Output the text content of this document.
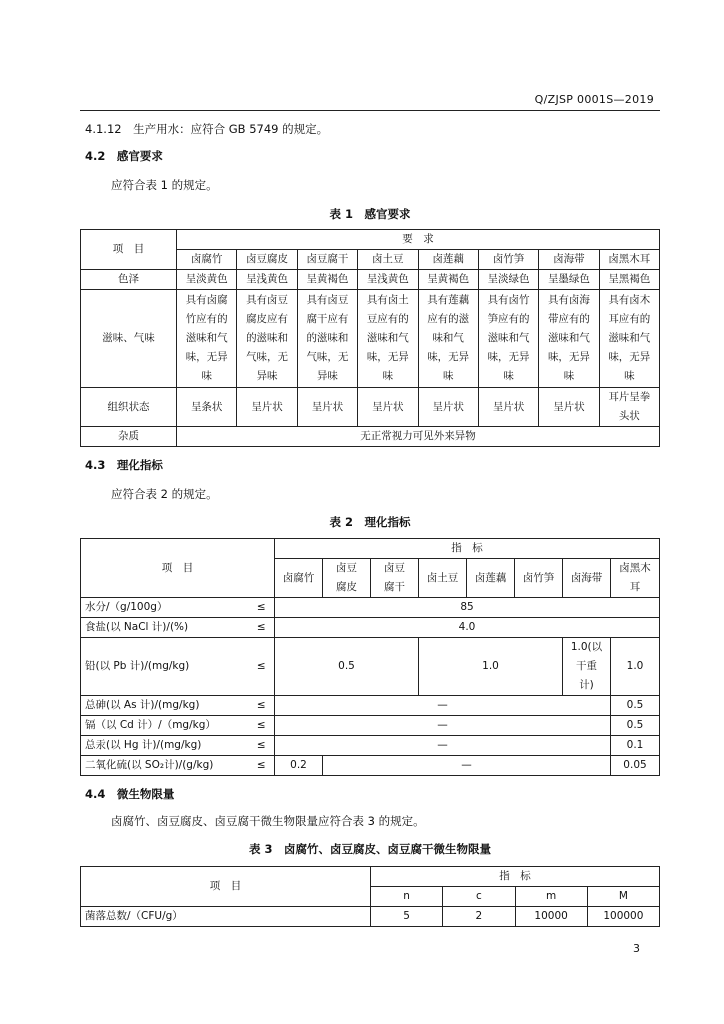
Q/ZJSP 0001S—2019
4.1.12　生产用水：应符合 GB 5749 的规定。
4.2　感官要求
应符合表 1 的规定。
表 1　感官要求
项　目	要　求							
	卤腐竹	卤豆腐皮	卤豆腐干	卤土豆	卤莲藕	卤竹笋	卤海带	卤黑木耳
色泽	呈淡黄色	呈浅黄色	呈黄褐色	呈浅黄色	呈黄褐色	呈淡绿色	呈墨绿色	呈黑褐色
滋味、气味	具有卤腐竹应有的滋味和气味，无异味	具有卤豆腐皮应有的滋味和气味，无异味	具有卤豆腐干应有的滋味和气味，无异味	具有卤土豆应有的滋味和气味，无异味	具有莲藕应有的滋味和气味，无异味	具有卤竹笋应有的滋味和气味，无异味	具有卤海带应有的滋味和气味，无异味	具有卤木耳应有的滋味和气味，无异味
组织状态	呈条状	呈片状	呈片状	呈片状	呈片状	呈片状	呈片状	耳片呈拳头状
杂质	无正常视力可见外来异物							
4.3　理化指标
应符合表 2 的规定。
表 2　理化指标
项　目		指　标							
		卤腐竹	卤豆腐皮	卤豆腐干	卤土豆	卤莲藕	卤竹笋	卤海带	卤黑木耳
水分/（g/100g）	≤	85							
食盐(以 NaCl 计)/(%)	≤	4.0							
铅(以 Pb 计)/(mg/kg)	≤	0.5			1.0			1.0(以干重计)	1.0
总砷(以 As 计)/(mg/kg)	≤	—							0.5
镉（以 Cd 计）/（mg/kg）	≤	—							0.5
总汞(以 Hg 计)/(mg/kg)	≤	—							0.1
二氧化硫(以 SO₂计)/(g/kg)	≤	0.2	—						0.05
4.4　微生物限量
卤腐竹、卤豆腐皮、卤豆腐干微生物限量应符合表 3 的规定。
表 3　卤腐竹、卤豆腐皮、卤豆腐干微生物限量
项　目	指　标			
	n	c	m	M
菌落总数/（CFU/g）	5	2	10000	100000
3
